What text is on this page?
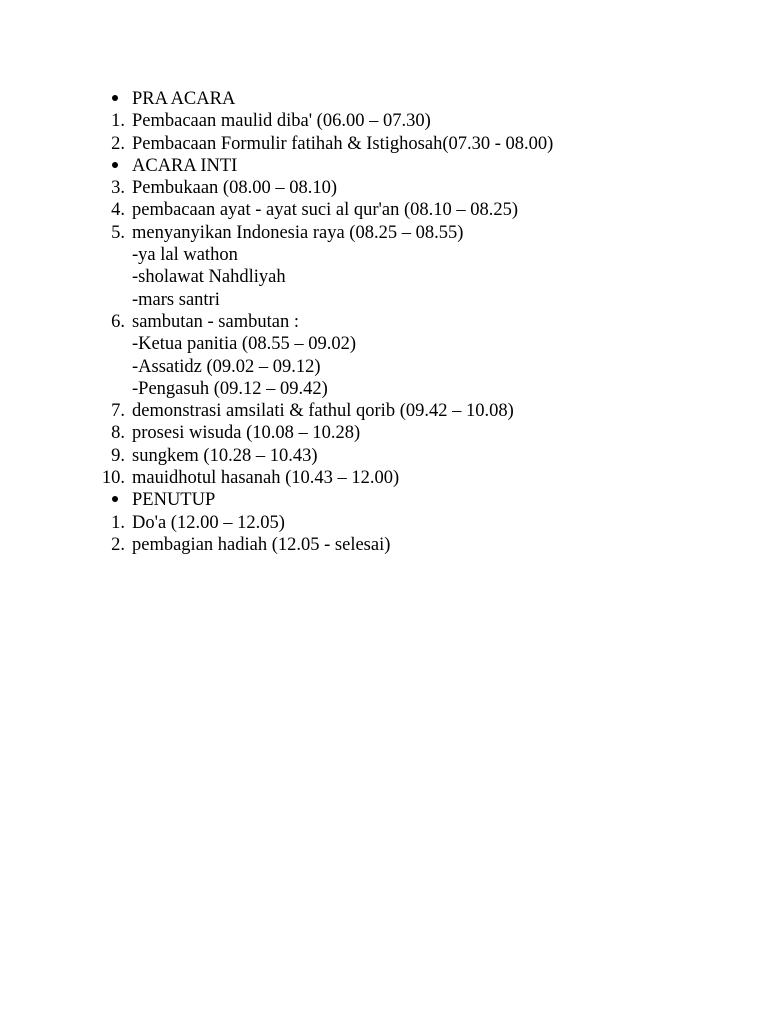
PRA ACARA
1. Pembacaan maulid diba' (06.00 – 07.30)
2. Pembacaan Formulir fatihah & Istighosah(07.30 - 08.00)
ACARA INTI
3. Pembukaan (08.00 – 08.10)
4. pembacaan ayat - ayat suci al qur'an (08.10 – 08.25)
5. menyanyikan Indonesia raya (08.25 – 08.55)
-ya lal wathon
-sholawat Nahdliyah
-mars santri
6. sambutan - sambutan :
-Ketua panitia (08.55 – 09.02)
-Assatidz (09.02 – 09.12)
-Pengasuh (09.12 – 09.42)
7. demonstrasi amsilati & fathul qorib (09.42 – 10.08)
8. prosesi wisuda (10.08 – 10.28)
9. sungkem (10.28 – 10.43)
10. mauidhotul hasanah (10.43 – 12.00)
PENUTUP
1. Do'a (12.00 – 12.05)
2. pembagian hadiah (12.05 - selesai)
